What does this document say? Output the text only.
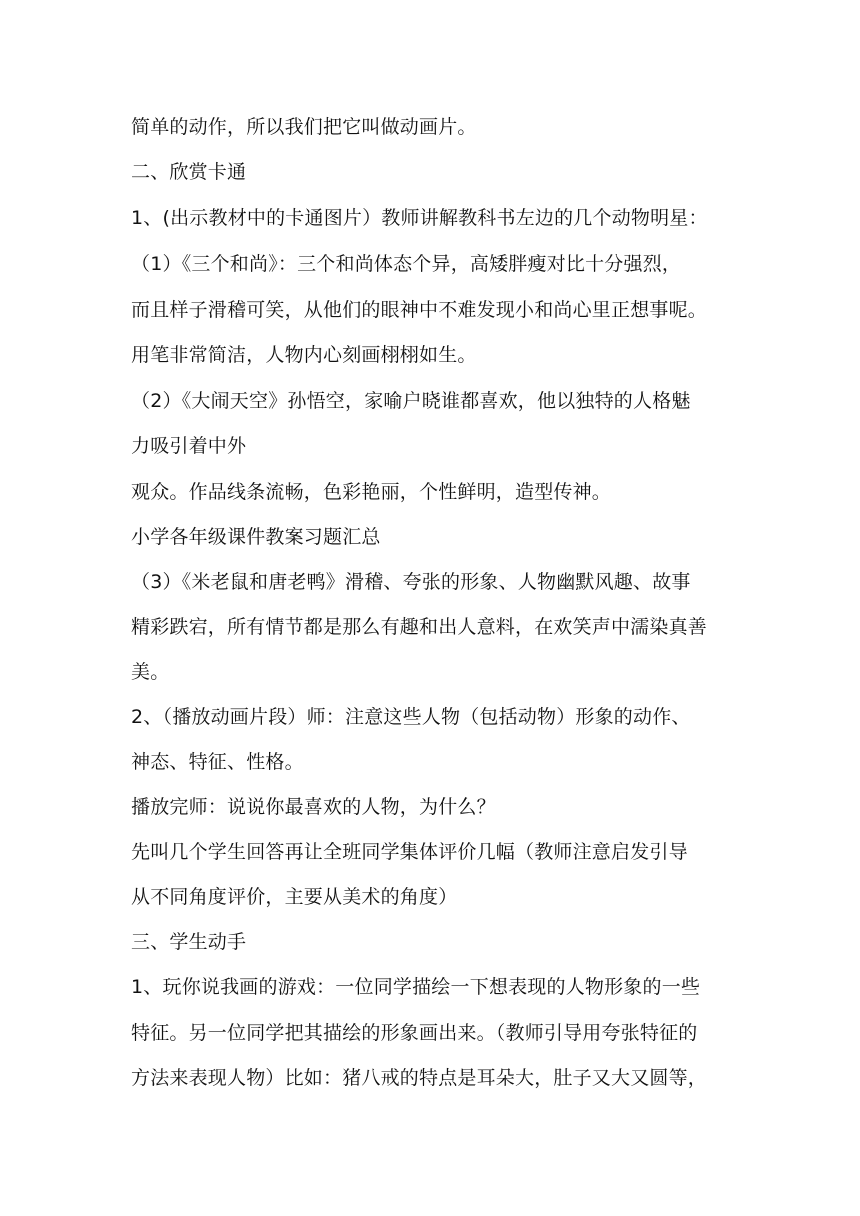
简单的动作，所以我们把它叫做动画片。
二、欣赏卡通
1、(出示教材中的卡通图片）教师讲解教科书左边的几个动物明星：
（1）《三个和尚》：三个和尚体态个异，高矮胖瘦对比十分强烈，
而且样子滑稽可笑，从他们的眼神中不难发现小和尚心里正想事呢。
用笔非常简洁，人物内心刻画栩栩如生。
（2）《大闹天空》孙悟空，家喻户晓谁都喜欢，他以独特的人格魅
力吸引着中外
观众。作品线条流畅，色彩艳丽，个性鲜明，造型传神。
小学各年级课件教案习题汇总
（3）《米老鼠和唐老鸭》滑稽、夸张的形象、人物幽默风趣、故事
精彩跌宕，所有情节都是那么有趣和出人意料，在欢笑声中濡染真善
美。
2、（播放动画片段）师：注意这些人物（包括动物）形象的动作、
神态、特征、性格。
播放完师：说说你最喜欢的人物，为什么？
先叫几个学生回答再让全班同学集体评价几幅（教师注意启发引导
从不同角度评价，主要从美术的角度）
三、学生动手
1、玩你说我画的游戏：一位同学描绘一下想表现的人物形象的一些
特征。另一位同学把其描绘的形象画出来。（教师引导用夸张特征的
方法来表现人物）比如：猪八戒的特点是耳朵大，肚子又大又圆等，
